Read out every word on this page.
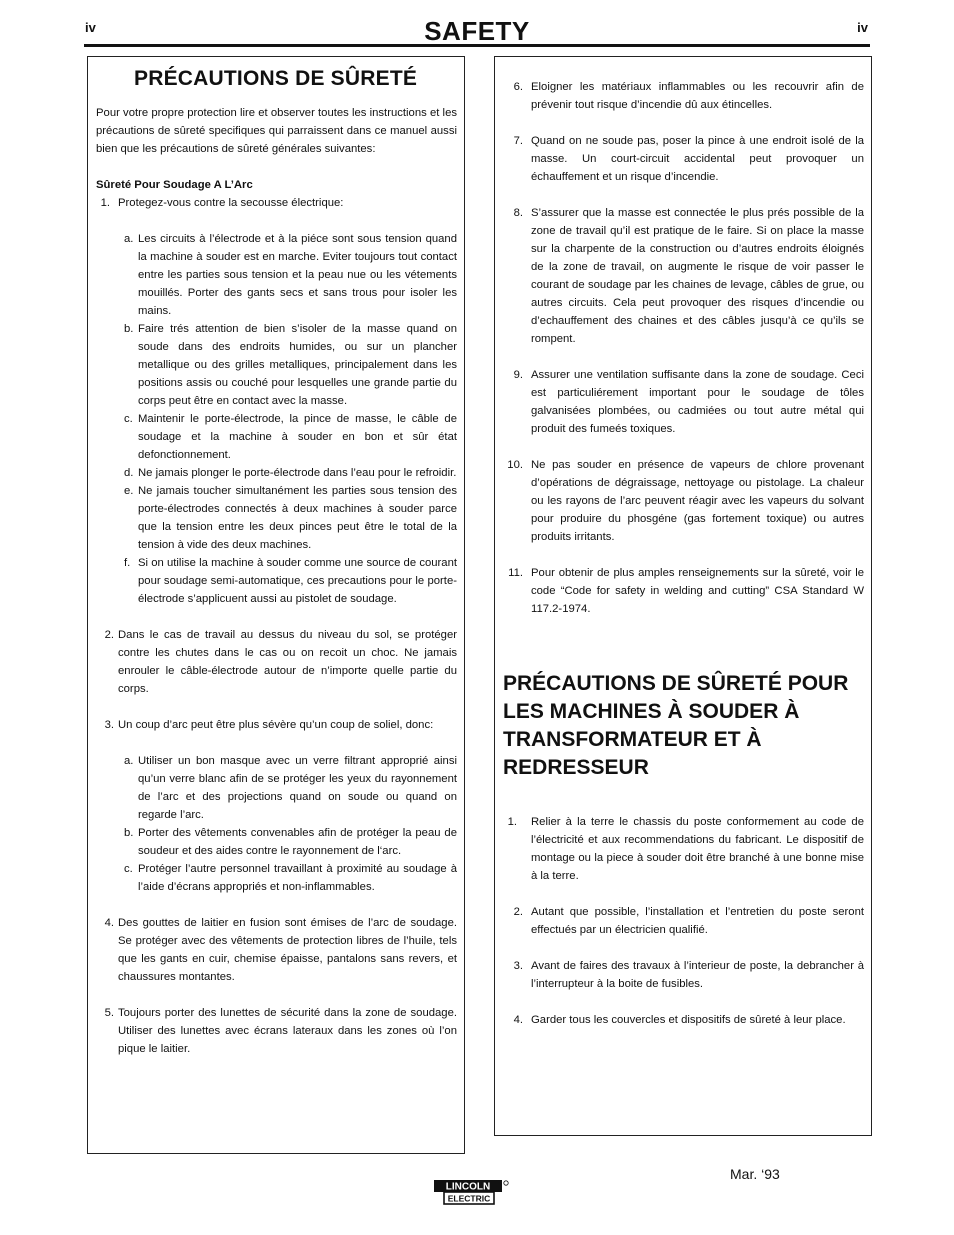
iv	SAFETY	iv
PRÉCAUTIONS DE SÛRETÉ

Pour votre propre protection lire et observer toutes les instructions et les précautions de sûreté specifiques qui parraissent dans ce manuel aussi bien que les précautions de sûreté générales suivantes:

Sûreté Pour Soudage A L’Arc
1. Protegez-vous contre la secousse électrique:
a. Les circuits à l’électrode et à la piéce sont sous tension quand la machine à souder est en marche. Eviter toujours tout contact entre les parties sous tension et la peau nue ou les vétements mouillés. Porter des gants secs et sans trous pour isoler les mains.
b. Faire trés attention de bien s’isoler de la masse quand on soude dans des endroits humides, ou sur un plancher metallique ou des grilles metalliques, principalement dans les positions assis ou couché pour lesquelles une grande partie du corps peut être en contact avec la masse.
c. Maintenir le porte-électrode, la pince de masse, le câble de soudage et la machine à souder en bon et sûr état defonctionnement.
d. Ne jamais plonger le porte-électrode dans l’eau pour le refroidir.
e. Ne jamais toucher simultanément les parties sous tension des porte-électrodes connectés à deux machines à souder parce que la tension entre les deux pinces peut être le total de la tension à vide des deux machines.
f. Si on utilise la machine à souder comme une source de courant pour soudage semi-automatique, ces precautions pour le porte-électrode s’applicuent aussi au pistolet de soudage.
2. Dans le cas de travail au dessus du niveau du sol, se protéger contre les chutes dans le cas ou on recoit un choc. Ne jamais enrouler le câble-électrode autour de n’importe quelle partie du corps.
3. Un coup d’arc peut être plus sévère qu’un coup de soliel, donc:
a. Utiliser un bon masque avec un verre filtrant approprié ainsi qu’un verre blanc afin de se protéger les yeux du rayonnement de l’arc et des projections quand on soude ou quand on regarde l’arc.
b. Porter des vêtements convenables afin de protéger la peau de soudeur et des aides contre le rayonnement de l‘arc.
c. Protéger l’autre personnel travaillant à proximité au soudage à l’aide d’écrans appropriés et non-inflammables.
4. Des gouttes de laitier en fusion sont émises de l’arc de soudage. Se protéger avec des vêtements de protection libres de l’huile, tels que les gants en cuir, chemise épaisse, pantalons sans revers, et chaussures montantes.
5. Toujours porter des lunettes de sécurité dans la zone de soudage. Utiliser des lunettes avec écrans lateraux dans les zones où l’on pique le laitier.
6. Eloigner les matériaux inflammables ou les recouvrir afin de prévenir tout risque d’incendie dû aux étincelles.
7. Quand on ne soude pas, poser la pince à une endroit isolé de la masse. Un court-circuit accidental peut provoquer un échauffement et un risque d’incendie.
8. S’assurer que la masse est connectée le plus prés possible de la zone de travail qu’il est pratique de le faire. Si on place la masse sur la charpente de la construction ou d’autres endroits éloignés de la zone de travail, on augmente le risque de voir passer le courant de soudage par les chaines de levage, câbles de grue, ou autres circuits. Cela peut provoquer des risques d’incendie ou d’echauffement des chaines et des câbles jusqu’à ce qu’ils se rompent.
9. Assurer une ventilation suffisante dans la zone de soudage. Ceci est particuliérement important pour le soudage de tôles galvanisées plombées, ou cadmiées ou tout autre métal qui produit des fumeés toxiques.
10. Ne pas souder en présence de vapeurs de chlore provenant d’opérations de dégraissage, nettoyage ou pistolage. La chaleur ou les rayons de l’arc peuvent réagir avec les vapeurs du solvant pour produire du phosgéne (gas fortement toxique) ou autres produits irritants.
11. Pour obtenir de plus amples renseignements sur la sûreté, voir le code “Code for safety in welding and cutting” CSA Standard W 117.2-1974.
PRÉCAUTIONS DE SÛRETÉ POUR LES MACHINES À SOUDER À TRANSFORMATEUR ET À REDRESSEUR
1. Relier à la terre le chassis du poste conformement au code de l’électricité et aux recommendations du fabricant. Le dispositif de montage ou la piece à souder doit être branché à une bonne mise à la terre.
2. Autant que possible, l’installation et l’entretien du poste seront effectués par un électricien qualifié.
3. Avant de faires des travaux à l’interieur de poste, la debrancher à l’interrupteur à la boite de fusibles.
4. Garder tous les couvercles et dispositifs de sûreté à leur place.
Mar. ‘93
LINCOLN
ELECTRIC
